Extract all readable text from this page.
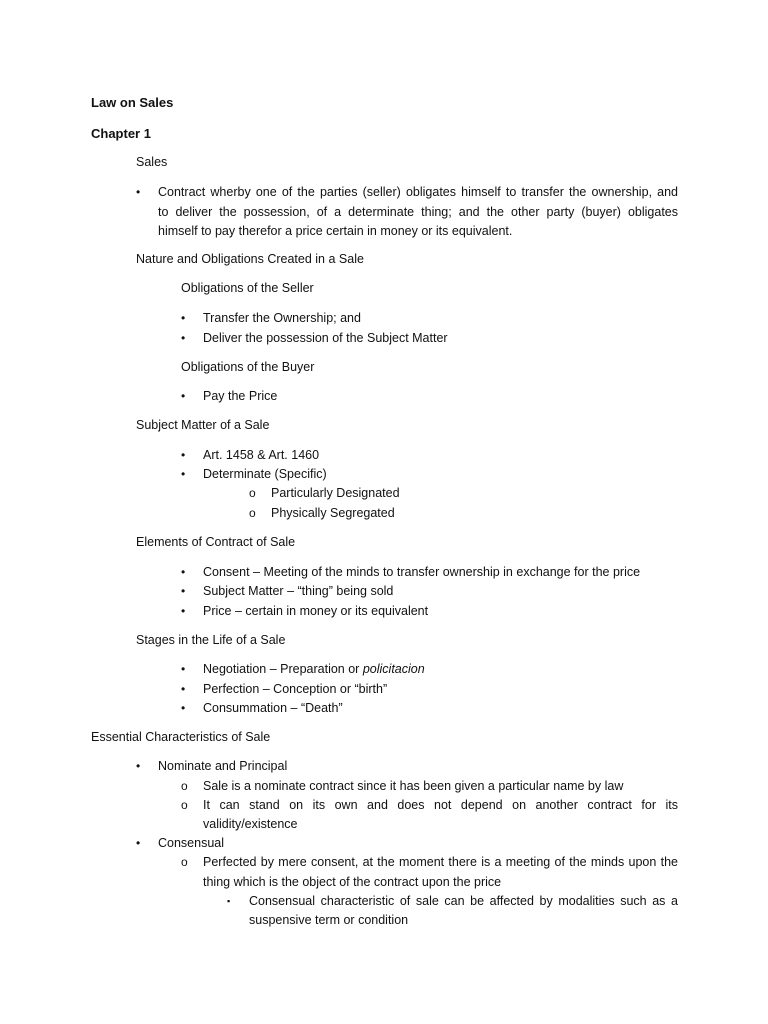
Law on Sales
Chapter 1
Sales
• Contract wherby one of the parties (seller) obligates himself to transfer the ownership, and
to deliver the possession, of a determinate thing; and the other party (buyer) obligates
himself to pay therefor a price certain in money or its equivalent.
Nature and Obligations Created in a Sale
Obligations of the Seller
• Transfer the Ownership; and
• Deliver the possession of the Subject Matter
Obligations of the Buyer
• Pay the Price
Subject Matter of a Sale
• Art. 1458 & Art. 1460
• Determinate (Specific)
o Particularly Designated
o Physically Segregated
Elements of Contract of Sale
• Consent – Meeting of the minds to transfer ownership in exchange for the price
• Subject Matter – “thing” being sold
• Price – certain in money or its equivalent
Stages in the Life of a Sale
• Negotiation – Preparation or policitacion
• Perfection – Conception or “birth”
• Consummation – “Death”
Essential Characteristics of Sale
• Nominate and Principal
o Sale is a nominate contract since it has been given a particular name by law
o It can stand on its own and does not depend on another contract for its
validity/existence
• Consensual
o Perfected by mere consent, at the moment there is a meeting of the minds upon the
thing which is the object of the contract upon the price
▪ Consensual characteristic of sale can be affected by modalities such as a
suspensive term or condition
